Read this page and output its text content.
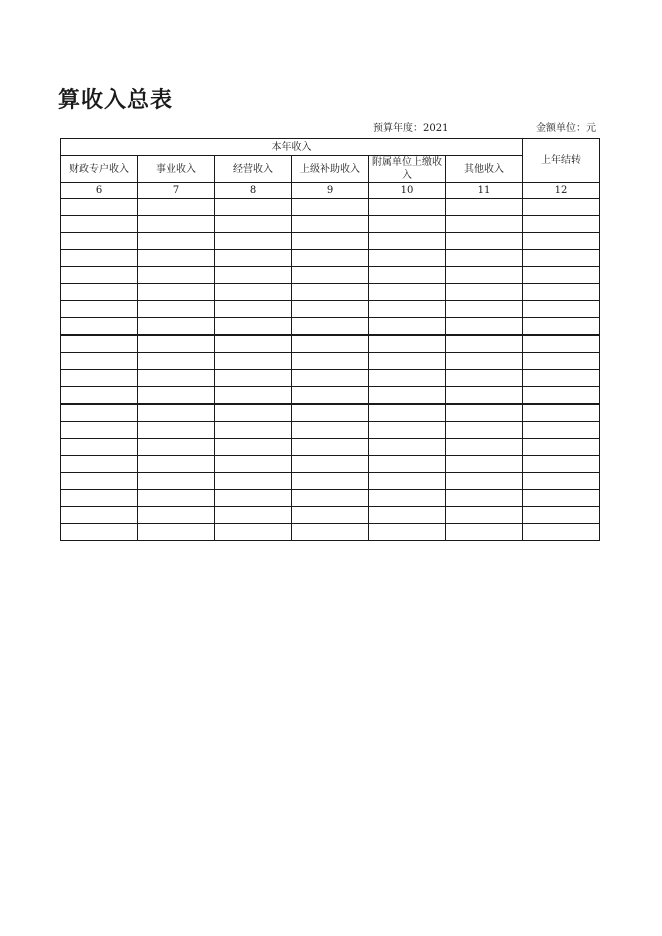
算收入总表
预算年度：2021	金额单位：元
本年收入						上年结转
财政专户收入	事业收入	经营收入	上级补助收入	附属单位上缴收入	其他收入	
6	7	8	9	10	11	12
